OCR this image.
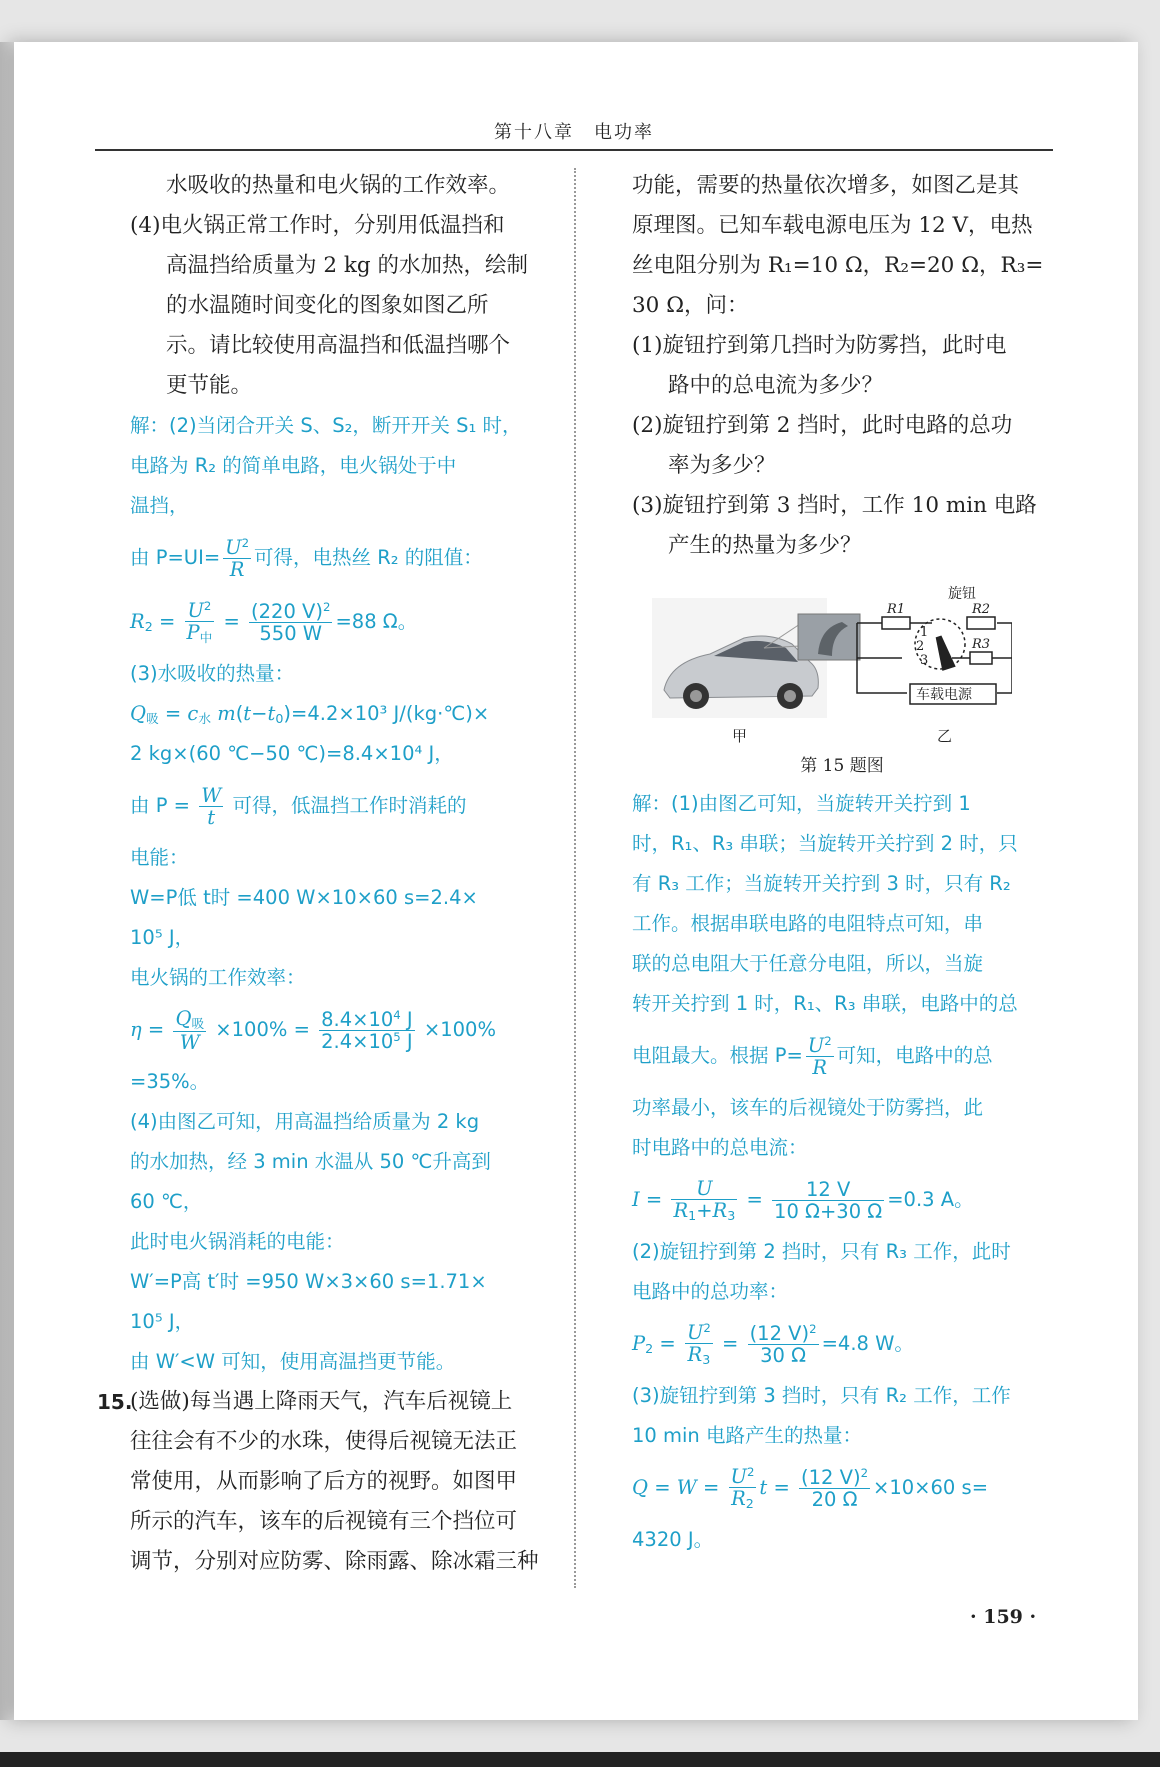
第十八章　电功率
水吸收的热量和电火锅的工作效率。
(4)电火锅正常工作时，分别用低温挡和
高温挡给质量为 2 kg 的水加热，绘制
的水温随时间变化的图象如图乙所
示。请比较使用高温挡和低温挡哪个
更节能。
解：(2)当闭合开关 S、S₂，断开开关 S₁ 时，
电路为 R₂ 的简单电路，电火锅处于中
温挡，
由 $P=UI= \frac{U^2}{R}$ 可得，电热丝 R₂ 的阻值：
$R_2 = \frac{U^2}{P_中} = \frac{(220 V)^2}{550 W} =88$ Ω。
(3)水吸收的热量：
$Q_吸 = c_水$ $m(t-t_0)=4.2\times 10^3$ J/(kg·℃)×
2 kg×(60 ℃−50 ℃)=8.4×10⁴ J，
由 $P = \frac{W}{t}$ 可得，低温挡工作时消耗的
电能：
W=P低 t时 =400 W×10×60 s=2.4×
10⁵ J，
电火锅的工作效率：
$\eta = \frac{Q_吸}{W} \times 100\% = \frac{8.4\times 10^4 J}{2.4\times 10^5 J} \times 100\%$
=35%。
(4)由图乙可知，用高温挡给质量为 2 kg
的水加热，经 3 min 水温从 50 ℃升高到
60 ℃，
此时电火锅消耗的电能：
W′=P高 t′时 =950 W×3×60 s=1.71×
10⁵ J，
由 W′<W 可知，使用高温挡更节能。
15.
(选做)每当遇上降雨天气，汽车后视镜上
往往会有不少的水珠，使得后视镜无法正
常使用，从而影响了后方的视野。如图甲
所示的汽车，该车的后视镜有三个挡位可
调节，分别对应防雾、除雨露、除冰霜三种
功能，需要的热量依次增多，如图乙是其
原理图。已知车载电源电压为 12 V，电热
丝电阻分别为 R₁=10 Ω，R₂=20 Ω，R₃=
30 Ω，问：
(1)旋钮拧到第几挡时为防雾挡，此时电
路中的总电流为多少？
(2)旋钮拧到第 2 挡时，此时电路的总功
率为多少？
(3)旋钮拧到第 3 挡时，工作 10 min 电路
产生的热量为多少？
旋钮
R1	R2
R3
1
2
3
车载电源
甲	乙
第 15 题图
解：(1)由图乙可知，当旋转开关拧到 1
时，R₁、R₃ 串联；当旋转开关拧到 2 时，只
有 R₃ 工作；当旋转开关拧到 3 时，只有 R₂
工作。根据串联电路的电阻特点可知，串
联的总电阻大于任意分电阻，所以，当旋
转开关拧到 1 时，R₁、R₃ 串联，电路中的总
电阻最大。根据 $P= \frac{U^2}{R}$ 可知，电路中的总
功率最小，该车的后视镜处于防雾挡，此
时电路中的总电流：
$I = \frac{U}{R_1+R_3} = \frac{12 V}{10 \Omega+30 \Omega} =0.3$ A。
(2)旋钮拧到第 2 挡时，只有 R₃ 工作，此时
电路中的总功率：
$P_2 = \frac{U^2}{R_3} = \frac{(12 V)^2}{30 \Omega} =4.8$ W。
(3)旋钮拧到第 3 挡时，只有 R₂ 工作，工作
10 min 电路产生的热量：
$Q = W = \frac{U^2}{R_2}$ $t = \frac{(12 V)^2}{20 \Omega} \times 10\times 60$ s=
4320 J。
· 159 ·
